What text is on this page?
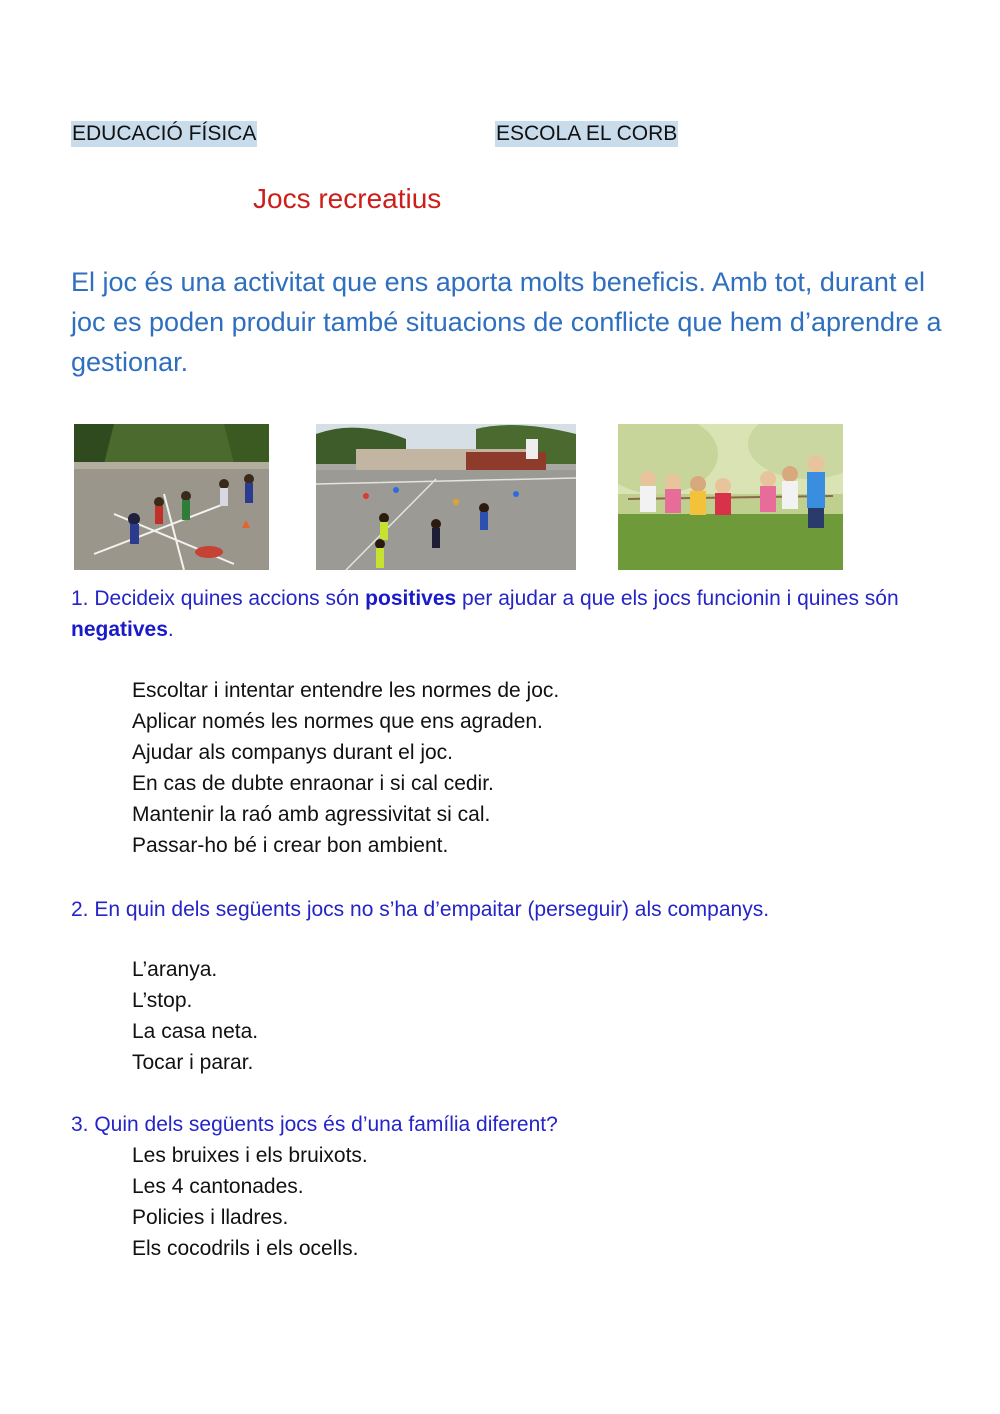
EDUCACIÓ FÍSICA	ESCOLA EL CORB
Jocs recreatius
El joc és una activitat que ens aporta molts beneficis. Amb tot, durant el joc es poden produir també situacions de conflicte que hem d’aprendre a gestionar.
1. Decideix quines accions són positives per ajudar a que els jocs funcionin i quines són negatives.
Escoltar i intentar entendre les normes de joc.
Aplicar només les normes que ens agraden.
Ajudar als companys durant el joc.
En cas de dubte enraonar i si cal cedir.
Mantenir la raó amb agressivitat si cal.
Passar-ho bé i crear bon ambient.
2. En quin dels següents jocs no s’ha d’empaitar (perseguir) als companys.
L’aranya.
L’stop.
La casa neta.
Tocar i parar.
3. Quin dels següents jocs és d’una família diferent?
Les bruixes i els bruixots.
Les 4 cantonades.
Policies i lladres.
Els cocodrils i els ocells.
